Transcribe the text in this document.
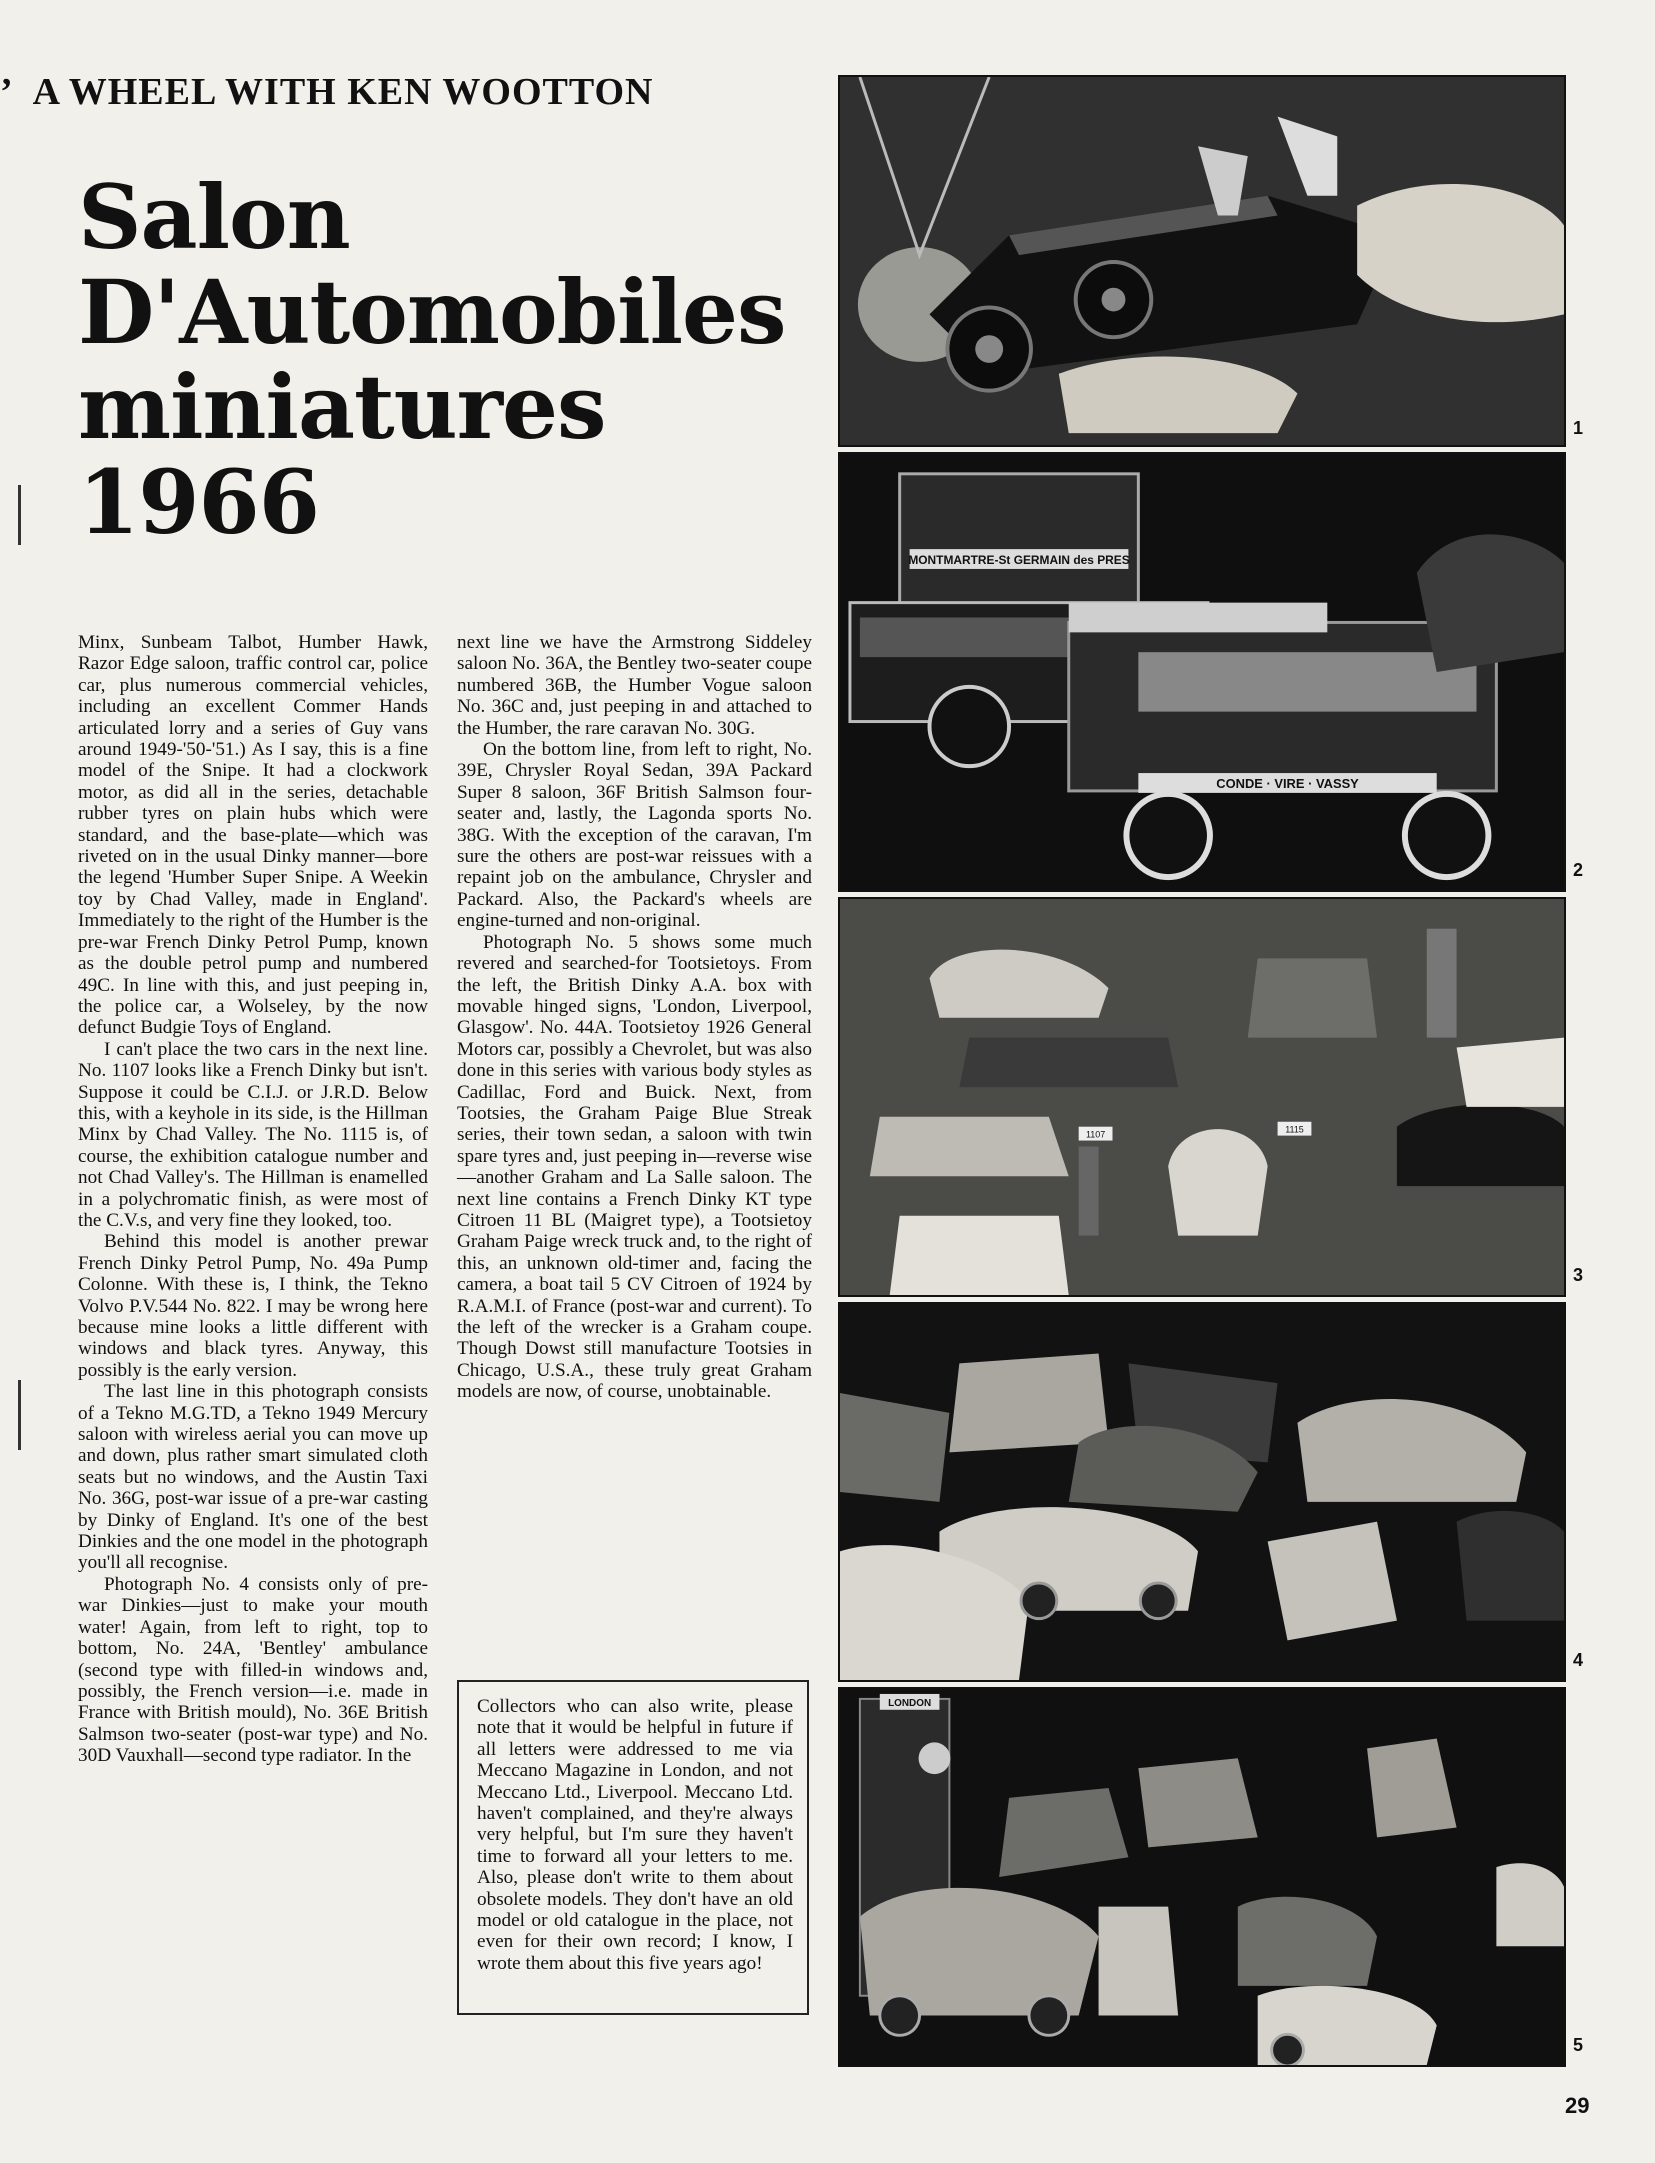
’  A WHEEL WITH KEN WOOTTON
Salon
D'Automobiles
miniatures
1966

Minx, Sunbeam Talbot, Humber Hawk, Razor Edge saloon, traffic control car, police car, plus numerous commercial vehicles, including an excellent Commer Hands articulated lorry and a series of Guy vans around 1949-'50-'51.) As I say, this is a fine model of the Snipe. It had a clockwork motor, as did all in the series, detachable rubber tyres on plain hubs which were standard, and the base-plate—which was riveted on in the usual Dinky manner—bore the legend 'Humber Super Snipe. A Weekin toy by Chad Valley, made in England'. Immediately to the right of the Humber is the pre-war French Dinky Petrol Pump, known as the double petrol pump and numbered 49C. In line with this, and just peeping in, the police car, a Wolseley, by the now defunct Budgie Toys of England.

I can't place the two cars in the next line. No. 1107 looks like a French Dinky but isn't. Suppose it could be C.I.J. or J.R.D. Below this, with a keyhole in its side, is the Hillman Minx by Chad Valley. The No. 1115 is, of course, the exhibition catalogue number and not Chad Valley's. The Hillman is enamelled in a polychromatic finish, as were most of the C.V.s, and very fine they looked, too.

Behind this model is another prewar French Dinky Petrol Pump, No. 49a Pump Colonne. With these is, I think, the Tekno Volvo P.V.544 No. 822. I may be wrong here because mine looks a little different with windows and black tyres. Anyway, this possibly is the early version.

The last line in this photograph consists of a Tekno M.G.TD, a Tekno 1949 Mercury saloon with wireless aerial you can move up and down, plus rather smart simulated cloth seats but no windows, and the Austin Taxi No. 36G, post-war issue of a pre-war casting by Dinky of England. It's one of the best Dinkies and the one model in the photograph you'll all recognise.

Photograph No. 4 consists only of pre-war Dinkies—just to make your mouth water! Again, from left to right, top to bottom, No. 24A, 'Bentley' ambulance (second type with filled-in windows and, possibly, the French version—i.e. made in France with British mould), No. 36E British Salmson two-seater (post-war type) and No. 30D Vauxhall—second type radiator. In the

next line we have the Armstrong Siddeley saloon No. 36A, the Bentley two-seater coupe numbered 36B, the Humber Vogue saloon No. 36C and, just peeping in and attached to the Humber, the rare caravan No. 30G.

On the bottom line, from left to right, No. 39E, Chrysler Royal Sedan, 39A Packard Super 8 saloon, 36F British Salmson four-seater and, lastly, the Lagonda sports No. 38G. With the exception of the caravan, I'm sure the others are post-war reissues with a repaint job on the ambulance, Chrysler and Packard. Also, the Packard's wheels are engine-turned and non-original.

Photograph No. 5 shows some much revered and searched-for Tootsietoys. From the left, the British Dinky A.A. box with movable hinged signs, 'London, Liverpool, Glasgow'. No. 44A. Tootsietoy 1926 General Motors car, possibly a Chevrolet, but was also done in this series with various body styles as Cadillac, Ford and Buick. Next, from Tootsies, the Graham Paige Blue Streak series, their town sedan, a saloon with twin spare tyres and, just peeping in—reverse wise—another Graham and La Salle saloon. The next line contains a French Dinky KT type Citroen 11 BL (Maigret type), a Tootsietoy Graham Paige wreck truck and, to the right of this, an unknown old-timer and, facing the camera, a boat tail 5 CV Citroen of 1924 by R.A.M.I. of France (post-war and current). To the left of the wrecker is a Graham coupe. Though Dowst still manufacture Tootsies in Chicago, U.S.A., these truly great Graham models are now, of course, unobtainable.

Collectors who can also write, please note that it would be helpful in future if all letters were addressed to me via Meccano Magazine in London, and not Meccano Ltd., Liverpool. Meccano Ltd. haven't complained, and they're always very helpful, but I'm sure they haven't time to forward all your letters to me. Also, please don't write to them about obsolete models. They don't have an old model or old catalogue in the place, not even for their own record; I know, I wrote them about this five years ago!
1
MONTMARTRE-St GERMAIN des PRES
CONDE · VIRE · VASSY
2
1107	1115
3
4
LONDON
5
29
